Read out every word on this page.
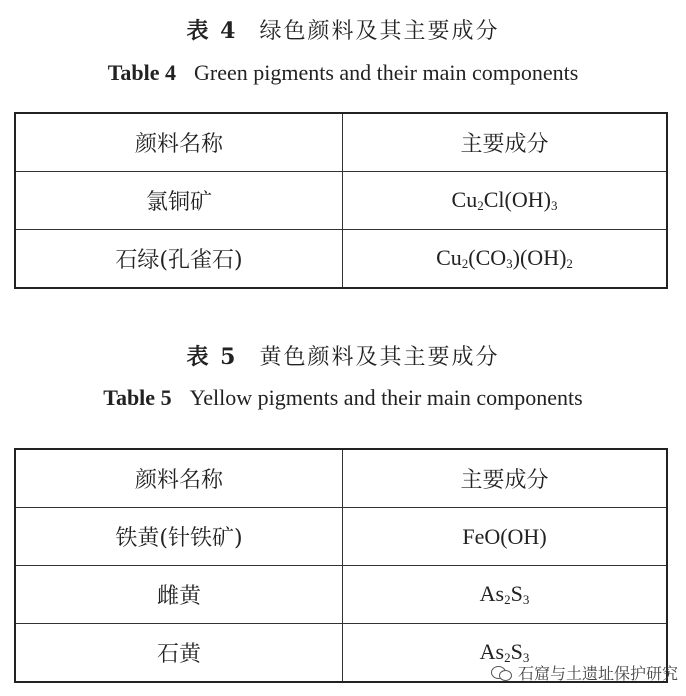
表 4 绿色颜料及其主要成分
Table 4 Green pigments and their main components
颜料名称	主要成分
氯铜矿	$Cu_2Cl(OH)_3$
石绿(孔雀石)	$Cu_2(CO_3)(OH)_2$
表 5 黄色颜料及其主要成分
Table 5 Yellow pigments and their main components
颜料名称	主要成分
铁黄(针铁矿)	FeO(OH)
雌黄	$As_2S_3$
石黄	$As_2S_3$
石窟与土遗址保护研究
